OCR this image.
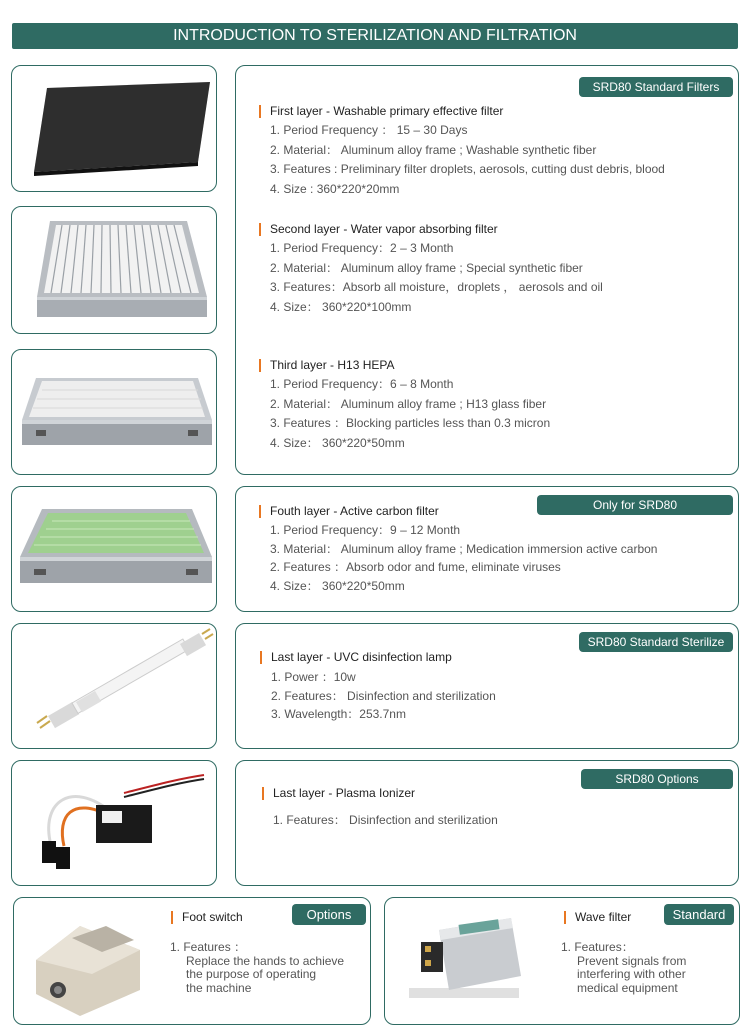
INTRODUCTION TO STERILIZATION AND FILTRATION
SRD80 Standard Filters
First layer - Washable primary effective filter
1. Period Frequency ： 15 – 30 Days
2. Material： Aluminum alloy frame ; Washable synthetic fiber
3. Features : Preliminary filter droplets, aerosols, cutting dust debris, blood
4. Size : 360*220*20mm
Second layer - Water vapor absorbing filter
1. Period Frequency：2 – 3 Month
2. Material： Aluminum alloy frame ; Special synthetic fiber
3. Features：Absorb all moisture，droplets ， aerosols and oil
4. Size： 360*220*100mm
Third layer - H13 HEPA
1. Period Frequency：6 – 8 Month
2. Material： Aluminum alloy frame ; H13 glass fiber
3. Features ：Blocking particles less than 0.3 micron
4. Size： 360*220*50mm
Only for SRD80
Fouth layer - Active carbon filter
1. Period Frequency：9 – 12 Month
3. Material： Aluminum alloy frame ; Medication immersion active carbon
2. Features ：Absorb odor and fume, eliminate viruses
4. Size： 360*220*50mm
SRD80 Standard Sterilize
Last layer - UVC disinfection lamp
1. Power ：10w
2. Features： Disinfection and sterilization
3. Wavelength：253.7nm
SRD80 Options
Last layer - Plasma Ionizer
1. Features： Disinfection and sterilization
Options
Foot switch
1. Features ：
Replace the hands to achieve
the purpose of operating
the machine
Standard
Wave filter
1. Features：
Prevent signals from
interfering with other
medical equipment
